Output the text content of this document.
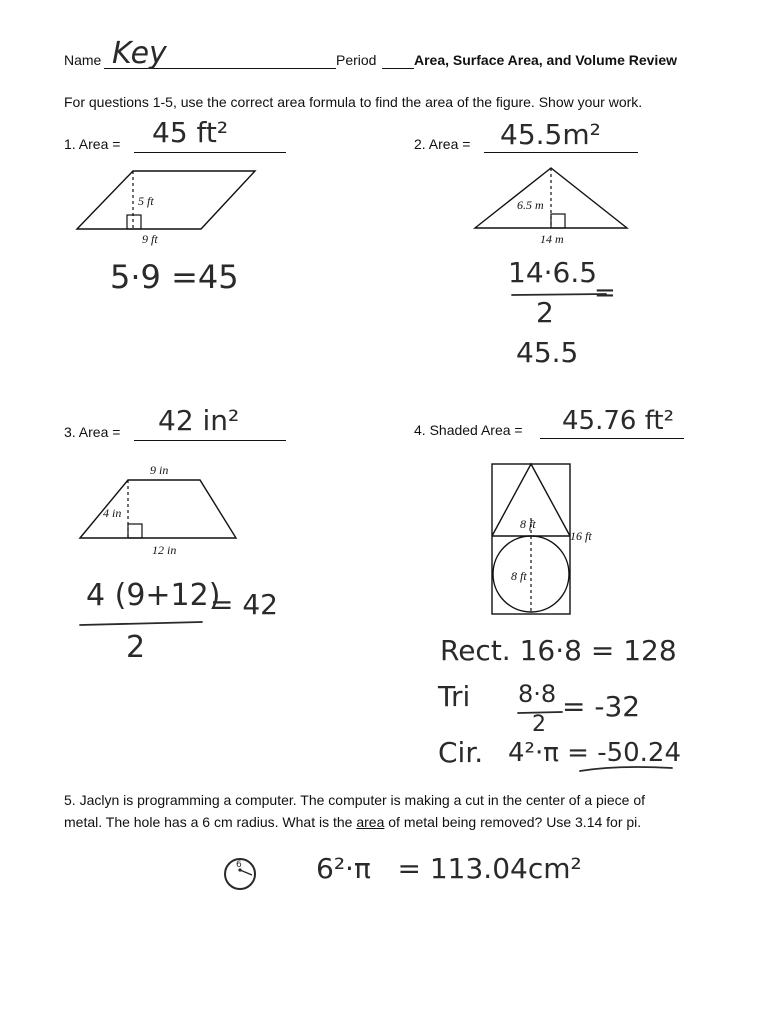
Name Key	Period	Area, Surface Area, and Volume Review
For questions 1-5, use the correct area formula to find the area of the figure. Show your work.
1. Area = 45 ft²
5 ft
9 ft
5·9 =45
2. Area = 45.5m²
6.5 m
14 m
14·6.5
2
=
45.5
3. Area = 42 in²
9 in
4 in
12 in
4 (9+12)
2
= 42
4. Shaded Area = 45.76 ft²
8 ft
16 ft
8 ft
Rect. 16·8 = 128
Tri 8·8
2
= -32
Cir. 4²·π = -50.24
5. Jaclyn is programming a computer. The computer is making a cut in the center of a piece of
metal. The hole has a 6 cm radius. What is the area of metal being removed? Use 3.14 for pi.
6	6²·π   = 113.04cm²
